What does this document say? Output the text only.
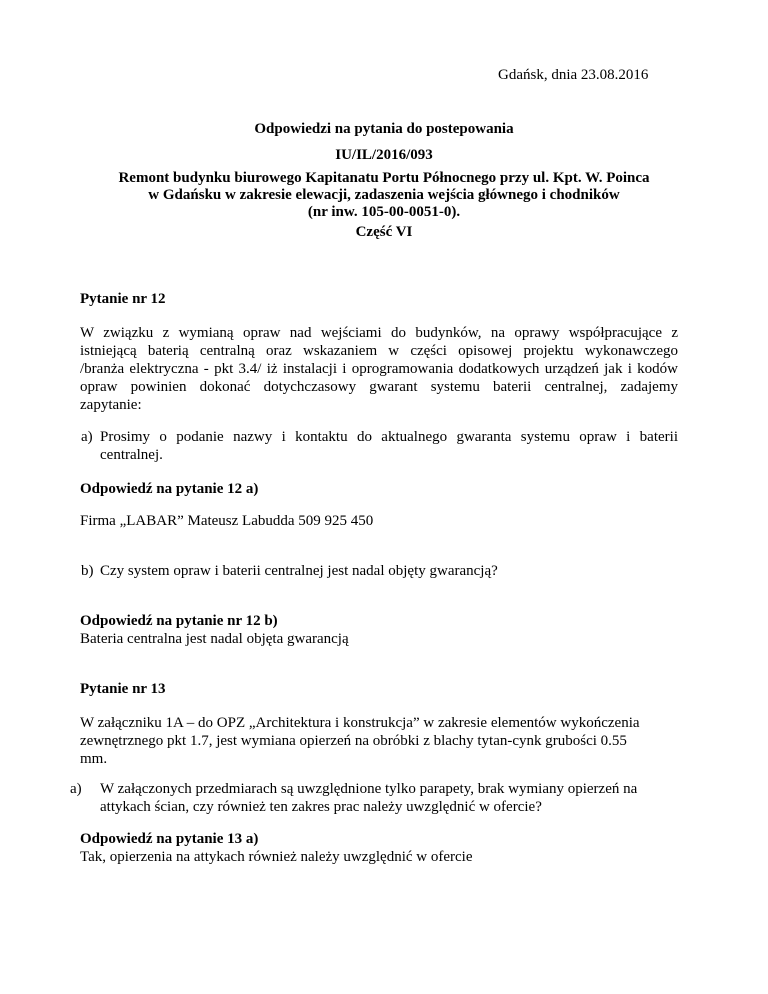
Gdańsk, dnia 23.08.2016
Odpowiedzi na pytania do postepowania
IU/IL/2016/093
Remont budynku biurowego Kapitanatu Portu Północnego przy ul. Kpt. W. Poinca
w Gdańsku w zakresie elewacji, zadaszenia wejścia głównego i chodników
(nr inw. 105-00-0051-0).
Część VI
Pytanie nr 12
W związku z wymianą opraw nad wejściami do budynków, na oprawy współpracujące z
istniejącą baterią centralną oraz wskazaniem w części opisowej projektu wykonawczego
/branża elektryczna - pkt 3.4/ iż instalacji i oprogramowania dodatkowych urządzeń jak i kodów
opraw powinien dokonać dotychczasowy gwarant systemu baterii centralnej, zadajemy
zapytanie:
a) Prosimy o podanie nazwy i kontaktu do aktualnego gwaranta systemu opraw i baterii
centralnej.
Odpowiedź na pytanie 12 a)
Firma „LABAR” Mateusz Labudda 509 925 450
b) Czy system opraw i baterii centralnej jest nadal objęty gwarancją?
Odpowiedź na pytanie nr 12 b)
Bateria centralna jest nadal objęta gwarancją
Pytanie nr 13
W załączniku 1A – do OPZ „Architektura i konstrukcja” w zakresie elementów wykończenia
zewnętrznego pkt 1.7, jest wymiana opierzeń na obróbki z blachy tytan-cynk grubości 0.55
mm.
a) W załączonych przedmiarach są uwzględnione tylko parapety, brak wymiany opierzeń na
attykach ścian, czy również ten zakres prac należy uwzględnić w ofercie?
Odpowiedź na pytanie 13 a)
Tak, opierzenia na attykach również należy uwzględnić w ofercie
